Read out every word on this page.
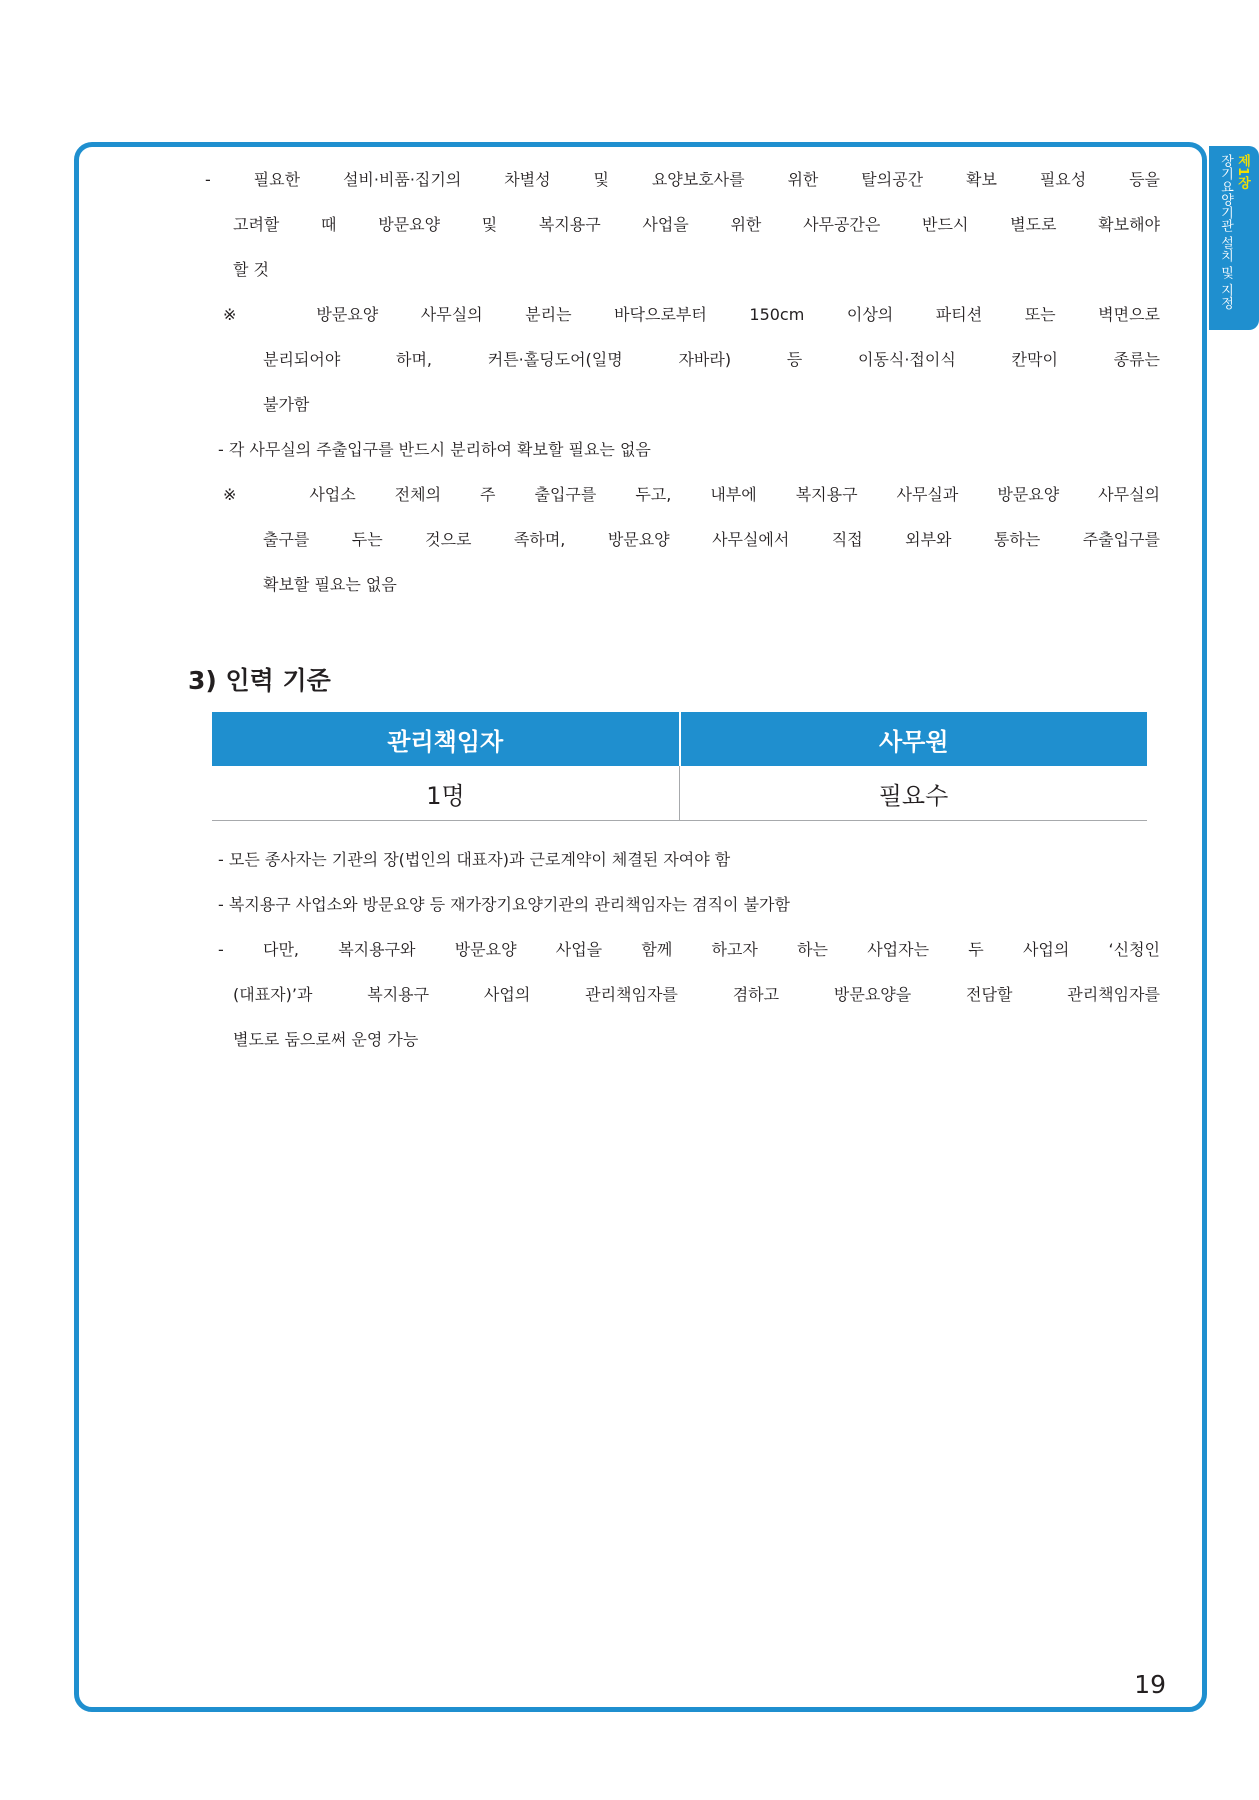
제1장
장기요양기관 설치 및 지정
- 필요한 설비·비품·집기의 차별성 및 요양보호사를 위한 탈의공간 확보 필요성 등을
고려할 때 방문요양 및 복지용구 사업을 위한 사무공간은 반드시 별도로 확보해야
할 것
※ 방문요양 사무실의 분리는 바닥으로부터 150cm 이상의 파티션 또는 벽면으로
분리되어야 하며, 커튼·홀딩도어(일명 자바라) 등 이동식·접이식 칸막이 종류는
불가함
- 각 사무실의 주출입구를 반드시 분리하여 확보할 필요는 없음
※ 사업소 전체의 주 출입구를 두고, 내부에 복지용구 사무실과 방문요양 사무실의
출구를 두는 것으로 족하며, 방문요양 사무실에서 직접 외부와 통하는 주출입구를
확보할 필요는 없음
3) 인력 기준
관리책임자	사무원
1명	필요수
- 모든 종사자는 기관의 장(법인의 대표자)과 근로계약이 체결된 자여야 함
- 복지용구 사업소와 방문요양 등 재가장기요양기관의 관리책임자는 겸직이 불가함
- 다만, 복지용구와 방문요양 사업을 함께 하고자 하는 사업자는 두 사업의 ‘신청인
(대표자)’과 복지용구 사업의 관리책임자를 겸하고 방문요양을 전담할 관리책임자를
별도로 둠으로써 운영 가능
19
